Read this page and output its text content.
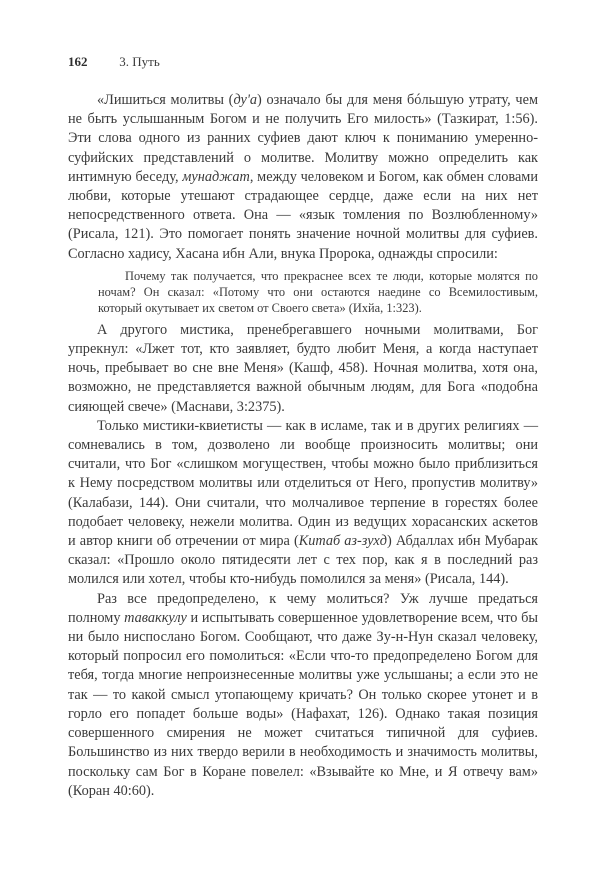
162 3. Путь

«Лишиться молитвы (ду'а) означало бы для меня бóльшую утрату, чем не быть услышанным Богом и не получить Его милость» (Тазкират, 1:56). Эти слова одного из ранних суфиев дают ключ к пониманию умеренно-суфийских представлений о молитве. Молитву можно определить как интимную беседу, мунаджат, между человеком и Богом, как обмен словами любви, которые утешают страдающее сердце, даже если на них нет непосредственного ответа. Она — «язык томления по Возлюбленному» (Рисала, 121). Это помогает понять значение ночной молитвы для суфиев. Согласно хадису, Хасана ибн Али, внука Пророка, однажды спросили:

Почему так получается, что прекраснее всех те люди, которые молятся по ночам? Он сказал: «Потому что они остаются наедине со Всемилостивым, который окутывает их светом от Своего света» (Ихйа, 1:323).

А другого мистика, пренебрегавшего ночными молитвами, Бог упрекнул: «Лжет тот, кто заявляет, будто любит Меня, а когда наступает ночь, пребывает во сне вне Меня» (Кашф, 458). Ночная молитва, хотя она, возможно, не представляется важной обычным людям, для Бога «подобна сияющей свече» (Маснави, 3:2375).

Только мистики-квиетисты — как в исламе, так и в других религиях — сомневались в том, дозволено ли вообще произносить молитвы; они считали, что Бог «слишком могуществен, чтобы можно было приблизиться к Нему посредством молитвы или отделиться от Него, пропустив молитву» (Калабази, 144). Они считали, что молчаливое терпение в горестях более подобает человеку, нежели молитва. Один из ведущих хорасанских аскетов и автор книги об отречении от мира (Китаб аз-зухд) Абдаллах ибн Мубарак сказал: «Прошло около пятидесяти лет с тех пор, как я в последний раз молился или хотел, чтобы кто-нибудь помолился за меня» (Рисала, 144).

Раз все предопределено, к чему молиться? Уж лучше предаться полному таваккулу и испытывать совершенное удовлетворение всем, что бы ни было ниспослано Богом. Сообщают, что даже Зу-н-Нун сказал человеку, который попросил его помолиться: «Если что-то предопределено Богом для тебя, тогда многие непроизнесенные молитвы уже услышаны; а если это не так — то какой смысл утопающему кричать? Он только скорее утонет и в горло его попадет больше воды» (Нафахат, 126). Однако такая позиция совершенного смирения не может считаться типичной для суфиев. Большинство из них твердо верили в необходимость и значимость молитвы, поскольку сам Бог в Коране повелел: «Взывайте ко Мне, и Я отвечу вам» (Коран 40:60).
